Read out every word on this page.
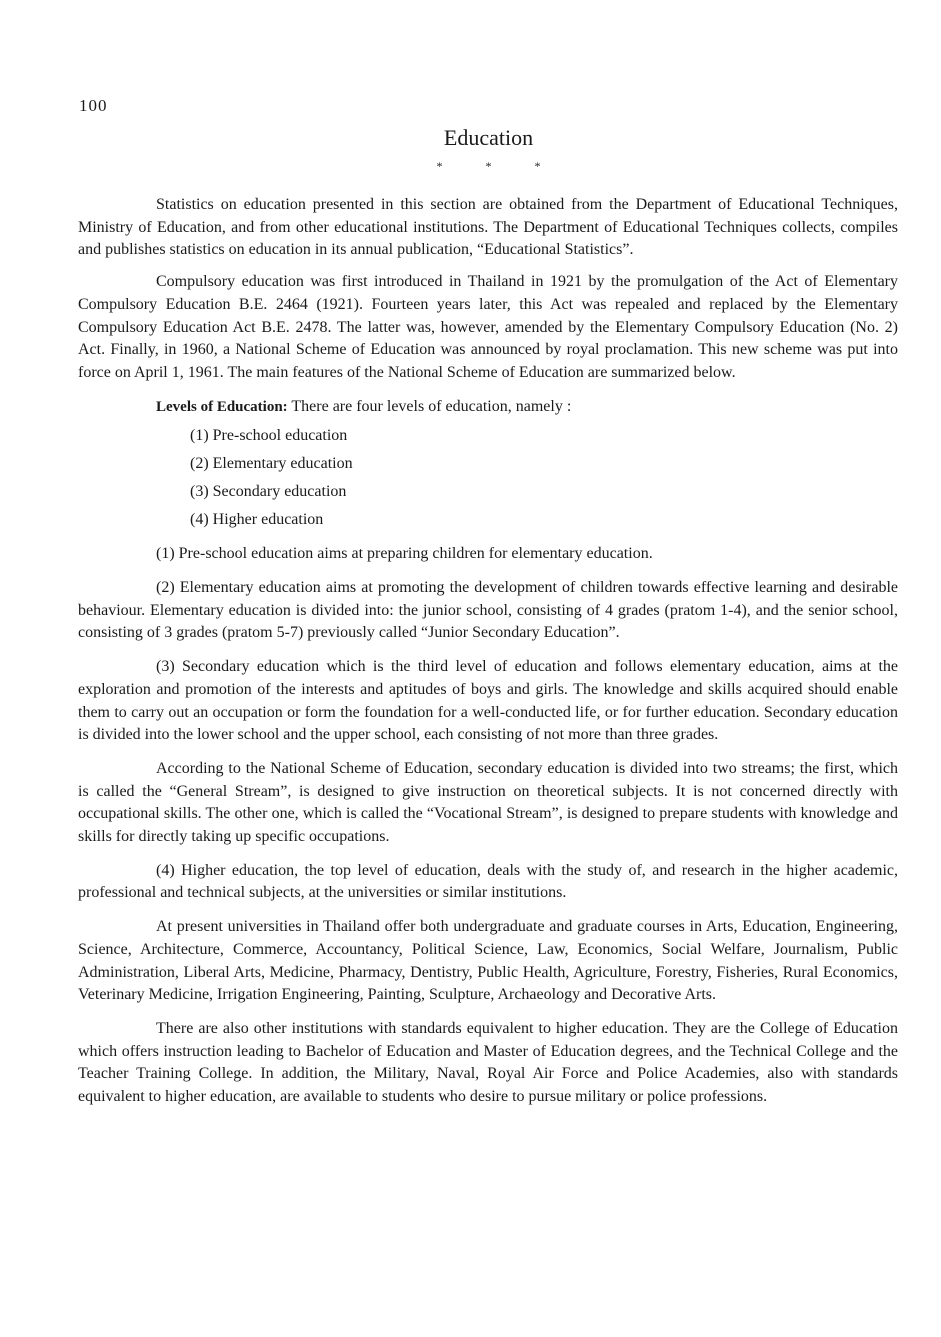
100
Education
* * *

Statistics on education presented in this section are obtained from the Department of Educational Techniques, Ministry of Education, and from other educational institutions. The Department of Educational Techniques collects, compiles and publishes statistics on education in its annual publication, “Educational Statistics”.

Compulsory education was first introduced in Thailand in 1921 by the promulgation of the Act of Elementary Compulsory Education B.E. 2464 (1921). Fourteen years later, this Act was repealed and replaced by the Elementary Compulsory Education Act B.E. 2478. The latter was, however, amended by the Elementary Compulsory Education (No. 2) Act. Finally, in 1960, a National Scheme of Education was announced by royal proclamation. This new scheme was put into force on April 1, 1961. The main features of the National Scheme of Education are summarized below.

Levels of Education: There are four levels of education, namely :

(1) Pre-school education
(2) Elementary education
(3) Secondary education
(4) Higher education

(1) Pre-school education aims at preparing children for elementary education.

(2) Elementary education aims at promoting the development of children towards effective learning and desirable behaviour. Elementary education is divided into: the junior school, consisting of 4 grades (pratom 1-4), and the senior school, consisting of 3 grades (pratom 5-7) previously called “Junior Secondary Education”.

(3) Secondary education which is the third level of education and follows elementary education, aims at the exploration and promotion of the interests and aptitudes of boys and girls. The knowledge and skills acquired should enable them to carry out an occupation or form the foundation for a well-conducted life, or for further education. Secondary education is divided into the lower school and the upper school, each consisting of not more than three grades.

According to the National Scheme of Education, secondary education is divided into two streams; the first, which is called the “General Stream”, is designed to give instruction on theoretical subjects. It is not concerned directly with occupational skills. The other one, which is called the “Vocational Stream”, is designed to prepare students with knowledge and skills for directly taking up specific occupations.

(4) Higher education, the top level of education, deals with the study of, and research in the higher academic, professional and technical subjects, at the universities or similar institutions.

At present universities in Thailand offer both undergraduate and graduate courses in Arts, Education, Engineering, Science, Architecture, Commerce, Accountancy, Political Science, Law, Economics, Social Welfare, Journalism, Public Administration, Liberal Arts, Medicine, Pharmacy, Dentistry, Public Health, Agriculture, Forestry, Fisheries, Rural Economics, Veterinary Medicine, Irrigation Engineering, Painting, Sculpture, Archaeology and Decorative Arts.

There are also other institutions with standards equivalent to higher education. They are the College of Education which offers instruction leading to Bachelor of Education and Master of Education degrees, and the Technical College and the Teacher Training College. In addition, the Military, Naval, Royal Air Force and Police Academies, also with standards equivalent to higher education, are available to students who desire to pursue military or police professions.
